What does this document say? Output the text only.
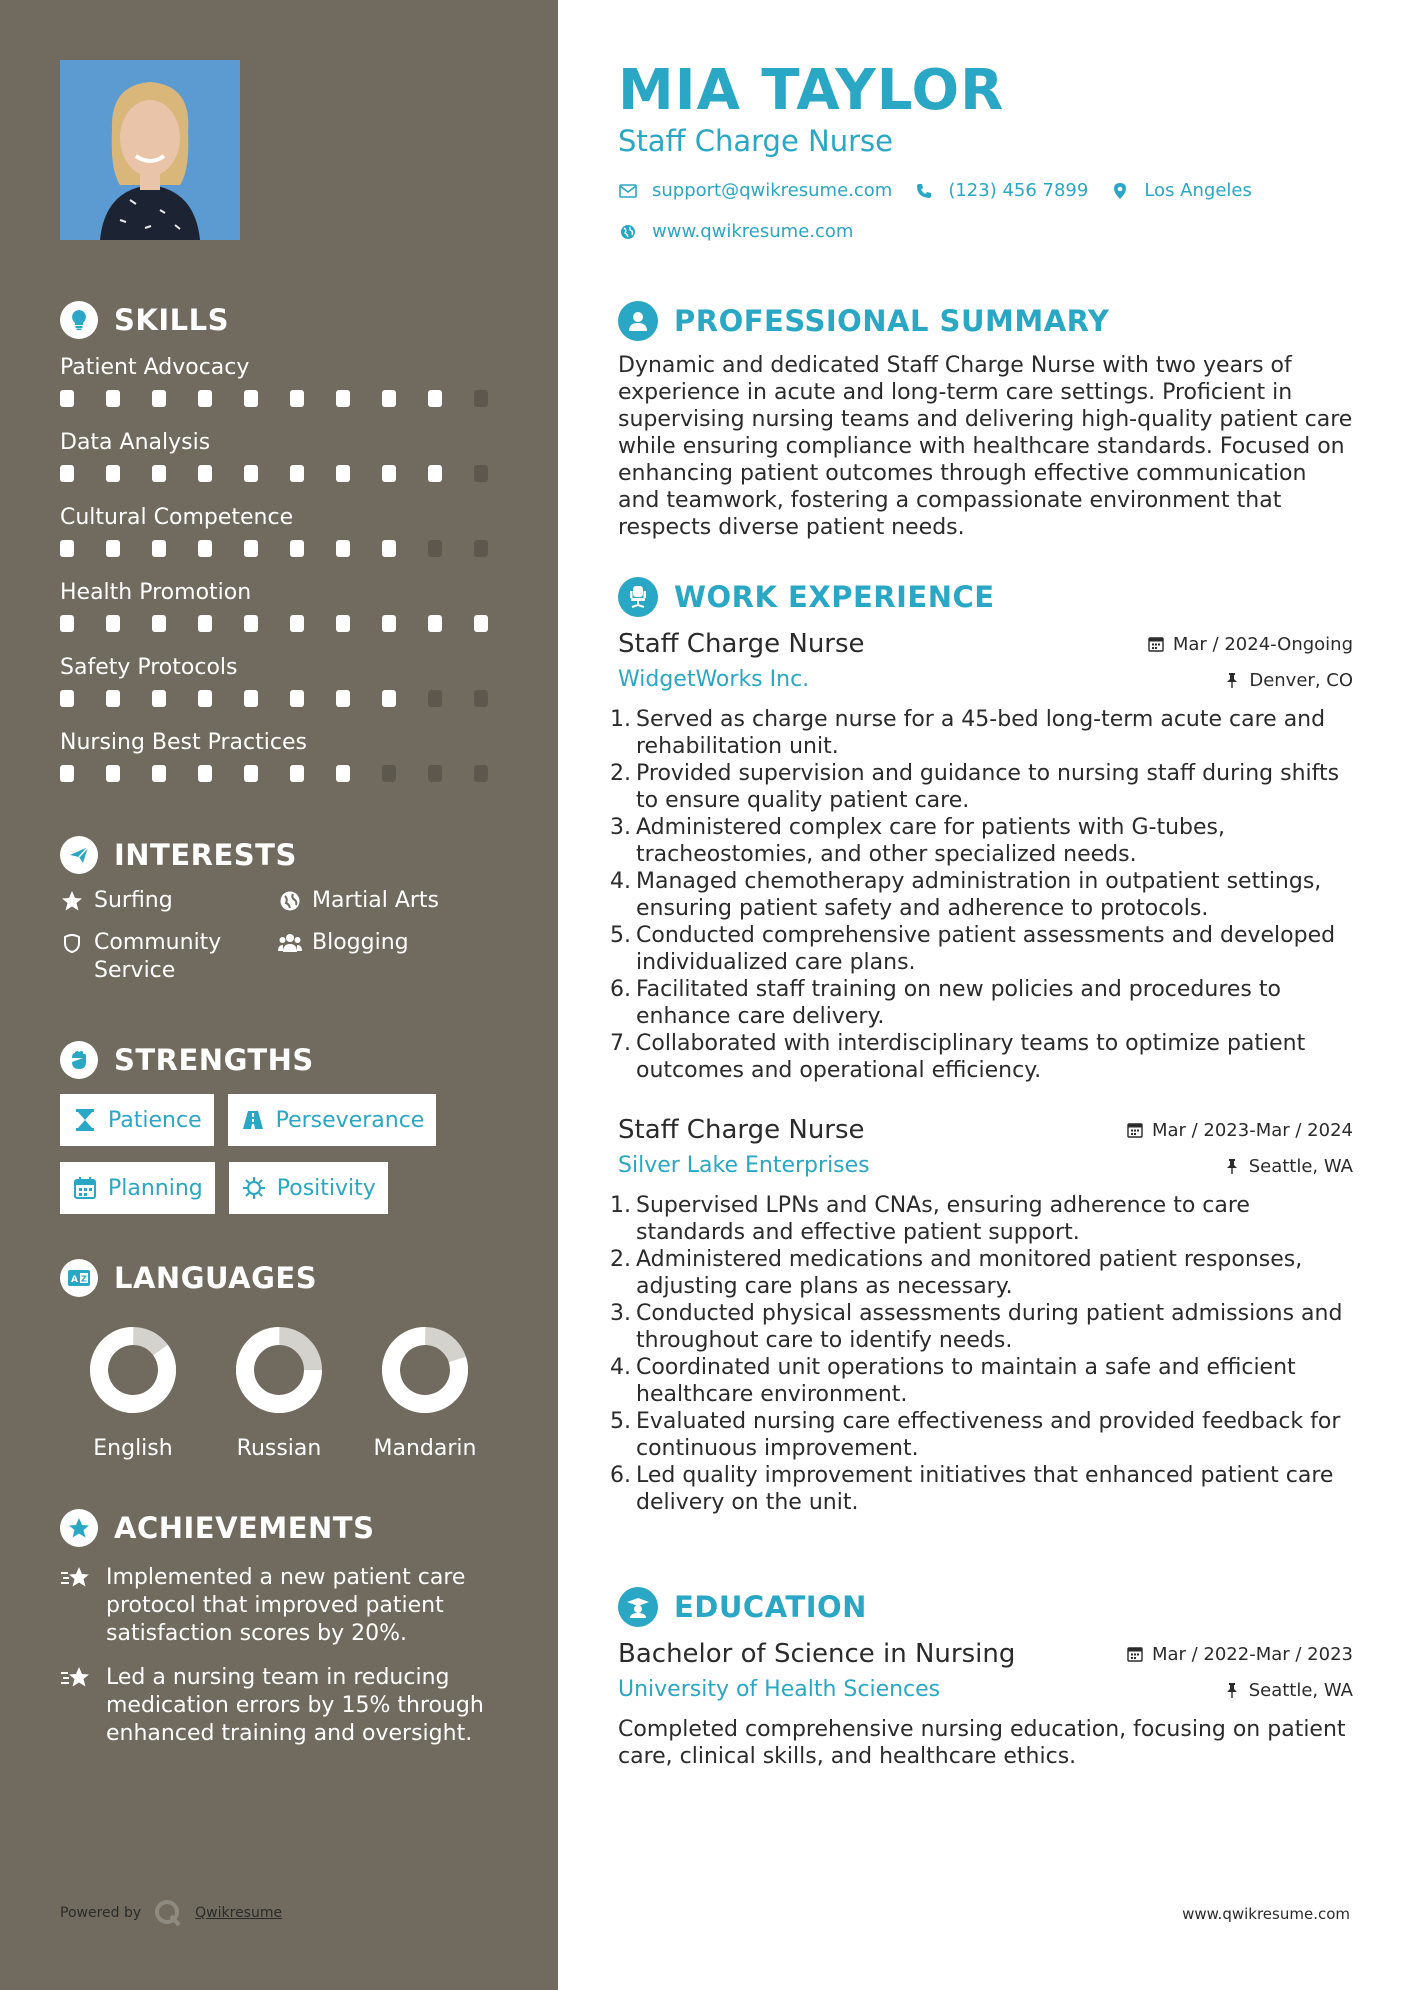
SKILLS
Patient Advocacy
Data Analysis
Cultural Competence
Health Promotion
Safety Protocols
Nursing Best Practices
INTERESTS
Surfing	Martial Arts
Community Service
Blogging
STRENGTHS
Patience	Perseverance
Planning	Positivity
A Z LANGUAGES
English	Russian Mandarin
ACHIEVEMENTS
Implemented a new patient care protocol that improved patient satisfaction scores by 20%.
Led a nursing team in reducing medication errors by 15% through enhanced training and oversight.
Powered by	Qwikresume
MIA TAYLOR
Staff Charge Nurse
support@qwikresume.com	(123) 456 7899	Los Angeles
www.qwikresume.com
PROFESSIONAL SUMMARY

Dynamic and dedicated Staff Charge Nurse with two years of experience in acute and long-term care settings. Proficient in supervising nursing teams and delivering high-quality patient care while ensuring compliance with healthcare standards. Focused on enhancing patient outcomes through effective communication and teamwork, fostering a compassionate environment that respects diverse patient needs.

WORK EXPERIENCE
Mar / 2024-Ongoing
Denver, CO
Staff Charge Nurse
WidgetWorks Inc.
1. Served as charge nurse for a 45-bed long-term acute care and rehabilitation unit.
2. Provided supervision and guidance to nursing staff during shifts to ensure quality patient care.
3. Administered complex care for patients with G-tubes, tracheostomies, and other specialized needs.
4. Managed chemotherapy administration in outpatient settings, ensuring patient safety and adherence to protocols.
5. Conducted comprehensive patient assessments and developed individualized care plans.
6. Facilitated staff training on new policies and procedures to enhance care delivery.
7. Collaborated with interdisciplinary teams to optimize patient outcomes and operational efficiency.
Mar / 2023-Mar / 2024
Seattle, WA
Staff Charge Nurse
Silver Lake Enterprises
1. Supervised LPNs and CNAs, ensuring adherence to care standards and effective patient support.
2. Administered medications and monitored patient responses, adjusting care plans as necessary.
3. Conducted physical assessments during patient admissions and throughout care to identify needs.
4. Coordinated unit operations to maintain a safe and efficient healthcare environment.
5. Evaluated nursing care effectiveness and provided feedback for continuous improvement.
6. Led quality improvement initiatives that enhanced patient care delivery on the unit.
EDUCATION
Mar / 2022-Mar / 2023
Seattle, WA
Bachelor of Science in Nursing
University of Health Sciences

Completed comprehensive nursing education, focusing on patient care, clinical skills, and healthcare ethics.

www.qwikresume.com
